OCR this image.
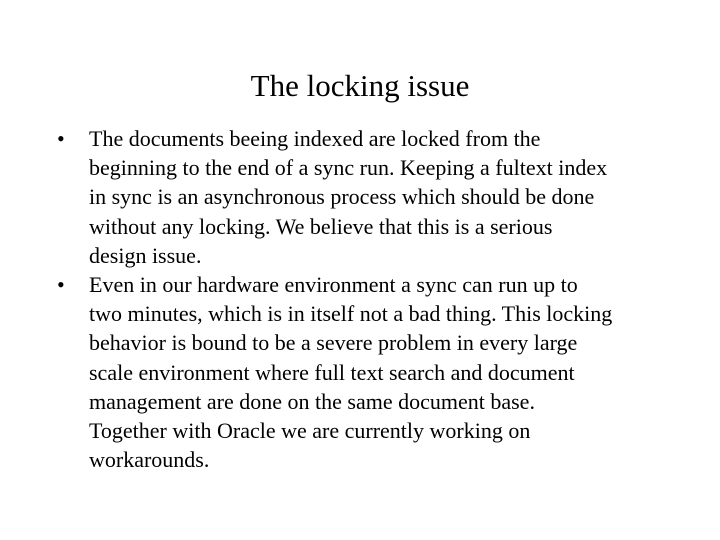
The locking issue
•	The documents beeing indexed are locked from the
beginning to the end of a sync run. Keeping a fultext index
in sync is an asynchronous process which should be done
without any locking. We believe that this is a serious
design issue.
•	Even in our hardware environment a sync can run up to
two minutes, which is in itself not a bad thing. This locking
behavior is bound to be a severe problem in every large
scale environment where full text search and document
management are done on the same document base.
Together with Oracle we are currently working on
workarounds.
